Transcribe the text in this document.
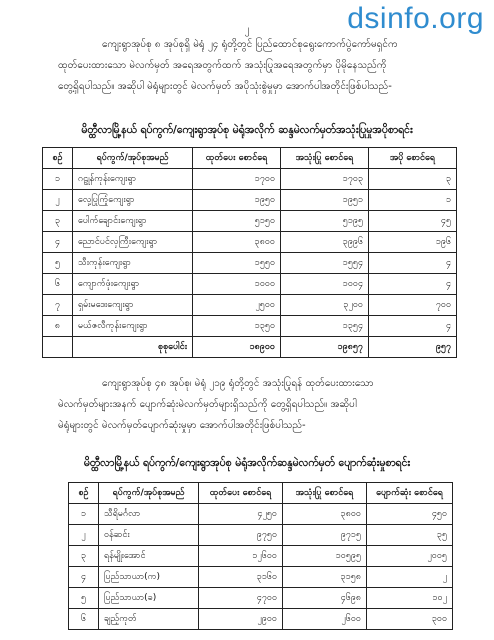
dsinfo.org
၂

ကျေးရွာအုပ်စု ၈ အုပ်စုရှိ မဲရုံ ၂၄ ရုံတို့တွင် ပြည်ထောင်စုရွေးကောက်ပွဲကော်မရှင်က

ထုတ်ပေးထားသော မဲလက်မှတ် အရေအတွက်ထက် အသုံးပြုအရေအတွက်မှာ ပိုမိုနေသည်ကို

တွေ့ရှိရပါသည်။ အဆိုပါ မဲရုံများတွင် မဲလက်မှတ် အပိုသုံးစွဲမှုမှာ အောက်ပါအတိုင်းဖြစ်ပါသည်-

မိတ္ထီလာမြို့နယ် ရပ်ကွက်/ကျေးရွာအုပ်စု မဲရုံအလိုက် ဆန္ဒမဲလက်မှတ်အသုံးပြုမှုအပိုစာရင်း
စဉ်	ရပ်ကွက်/အုပ်စုအမည်	ထုတ်ပေး စောင်ရေ	အသုံးပြု စောင်ရေ	အပို စောင်ရေ
၁	ဂဠုန်ကုန်းကျေးရွာ	၁၇၀၀	၁၇၀၃	၃
၂	လှေ့ပြုကြုံကျေးရွာ	၁၉၅၀	၁၉၅၁	၁
၃	ပေါက်ချောင်းကျေးရွာ	၅၁၅၀	၅၁၉၅	၄၅
၄	ညောင်ပင်လှကြီးကျေးရွာ	၃၈၀၀	၃၉၉၆	၁၉၆
၅	သီးကုန်းကျေးရွာ	၁၅၅၀	၁၅၅၄	၄
၆	ကျောက်ဖုံးကျေးရွာ	၁၀၀၀	၁၀၀၄	၄
၇	ရှမ်းမဒေးကျေးရွာ	၂၅၀၀	၃၂၀၀	၇၀၀
၈	မယ်ဇလီကုန်းကျေးရွာ	၁၃၅၀	၁၃၅၄	၄
	စုစုပေါင်း	၁၈၉၀၀	၁၉၈၅၇	၉၅၇

ကျေးရွာအုပ်စု ၄၈ အုပ်စု၊ မဲရုံ ၂၁၉ ရုံတို့တွင် အသုံးပြုရန် ထုတ်ပေးထားသော

မဲလက်မှတ်များအနက် ပျောက်ဆုံးမဲလက်မှတ်များရှိသည်ကို တွေ့ရှိရပါသည်။ အဆိုပါ

မဲရုံများတွင် မဲလက်မှတ်ပျောက်ဆုံးမှုမှာ အောက်ပါအတိုင်းဖြစ်ပါသည်-

မိတ္ထီလာမြို့နယ် ရပ်ကွက်/ကျေးရွာအုပ်စု မဲရုံအလိုက်ဆန္ဒမဲလက်မှတ် ပျောက်ဆုံးမှုစာရင်း
စဉ်	ရပ်ကွက်/အုပ်စုအမည်	ထုတ်ပေး စောင်ရေ	အသုံးပြု စောင်ရေ	ပျောက်ဆုံး စောင်ရေ
၁	သီရိမင်္ဂလာ	၄၂၅၀	၃၈၀၀	၄၅၀
၂	ဝန်ဆင်း	၉၇၅၀	၉၇၁၅	၃၅
၃	ရန်မျိုးအောင်	၁၂၆၀၀	၁၀၅၉၅	၂၀၀၅
၄	ပြည်သာယာ(က)	၃၁၆၀	၃၁၅၈	၂
၅	ပြည်သာယာ(ခ)	၄၇၀၀	၄၆၉၈	၁၀၂
၆	ချည့်ကုတ်	၂၉၀၀	၂၆၀၀	၃၀၀
